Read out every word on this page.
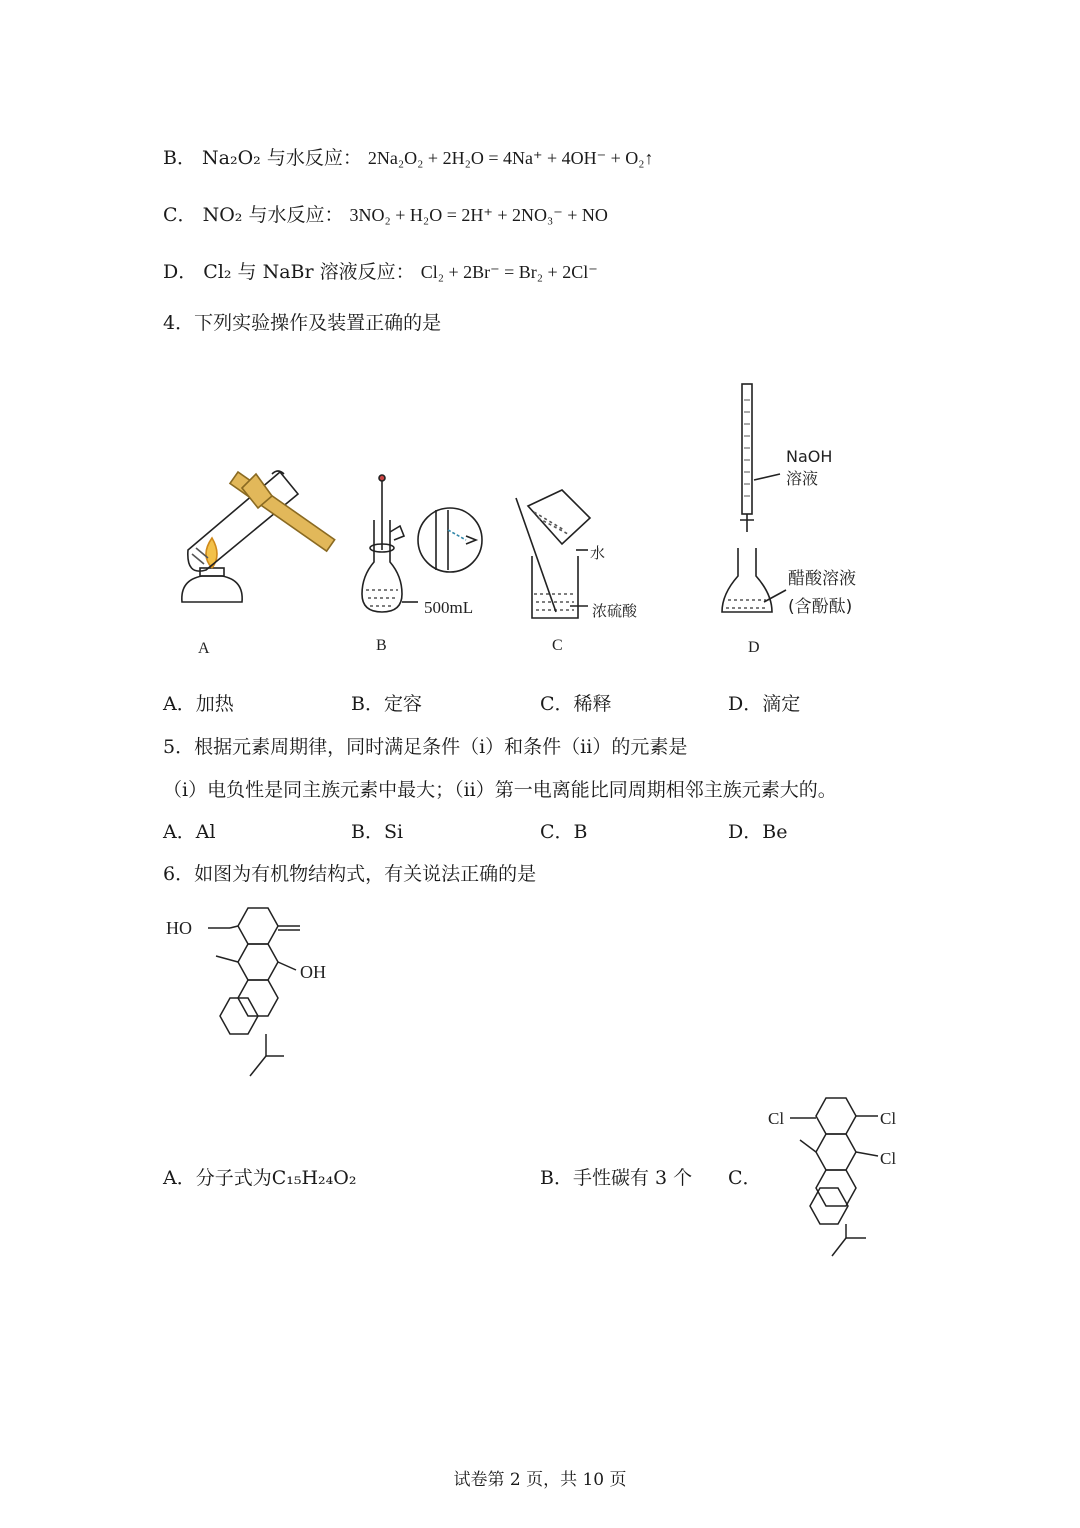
B． Na₂O₂ 与水反应： 2Na₂O₂ + 2H₂O = 4Na⁺ + 4OH⁻ + O₂↑
C． NO₂ 与水反应： 3NO₂ + H₂O = 2H⁺ + 2NO₃⁻ + NO
D． Cl₂ 与 NaBr 溶液反应： Cl₂ + 2Br⁻ = Br₂ + 2Cl⁻
4．下列实验操作及装置正确的是
A
500mL
B
水
浓硫酸
C
NaOH
溶液
醋酸溶液
(含酚酞)
D
A．加热	B．定容	C．稀释	D．滴定
5．根据元素周期律，同时满足条件（i）和条件（ii）的元素是
（i）电负性是同主族元素中最大；（ii）第一电离能比同周期相邻主族元素大的。
A．Al	B．Si	C．B	D．Be
6．如图为有机物结构式，有关说法正确的是
HO
OH
A．分子式为C₁₅H₂₄O₂	B．手性碳有 3 个 C．
Cl	Cl
Cl
试卷第 2 页，共 10 页
